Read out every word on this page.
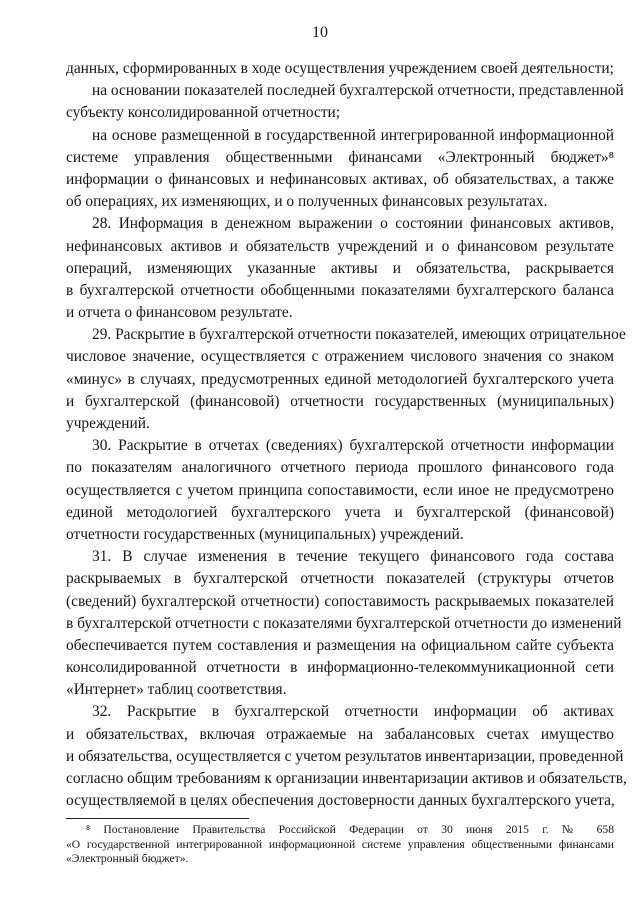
10
данных, сформированных в ходе осуществления учреждением своей деятельности;
на основании показателей последней бухгалтерской отчетности, представленной
субъекту консолидированной отчетности;
на основе размещенной в государственной интегрированной информационной
системе управления общественными финансами «Электронный бюджет»⁸
информации о финансовых и нефинансовых активах, об обязательствах, а также
об операциях, их изменяющих, и о полученных финансовых результатах.
28. Информация в денежном выражении о состоянии финансовых активов,
нефинансовых активов и обязательств учреждений и о финансовом результате
операций, изменяющих указанные активы и обязательства, раскрывается
в бухгалтерской отчетности обобщенными показателями бухгалтерского баланса
и отчета о финансовом результате.
29. Раскрытие в бухгалтерской отчетности показателей, имеющих отрицательное
числовое значение, осуществляется с отражением числового значения со знаком
«минус» в случаях, предусмотренных единой методологией бухгалтерского учета
и бухгалтерской (финансовой) отчетности государственных (муниципальных)
учреждений.
30. Раскрытие в отчетах (сведениях) бухгалтерской отчетности информации
по показателям аналогичного отчетного периода прошлого финансового года
осуществляется с учетом принципа сопоставимости, если иное не предусмотрено
единой методологией бухгалтерского учета и бухгалтерской (финансовой)
отчетности государственных (муниципальных) учреждений.
31. В случае изменения в течение текущего финансового года состава
раскрываемых в бухгалтерской отчетности показателей (структуры отчетов
(сведений) бухгалтерской отчетности) сопоставимость раскрываемых показателей
в бухгалтерской отчетности с показателями бухгалтерской отчетности до изменений
обеспечивается путем составления и размещения на официальном сайте субъекта
консолидированной отчетности в информационно-телекоммуникационной сети
«Интернет» таблиц соответствия.
32. Раскрытие в бухгалтерской отчетности информации об активах
и обязательствах, включая отражаемые на забалансовых счетах имущество
и обязательства, осуществляется с учетом результатов инвентаризации, проведенной
согласно общим требованиям к организации инвентаризации активов и обязательств,
осуществляемой в целях обеспечения достоверности данных бухгалтерского учета,
⁸ Постановление Правительства Российской Федерации от 30 июня 2015 г. № 658
«О государственной интегрированной информационной системе управления общественными финансами
«Электронный бюджет».
